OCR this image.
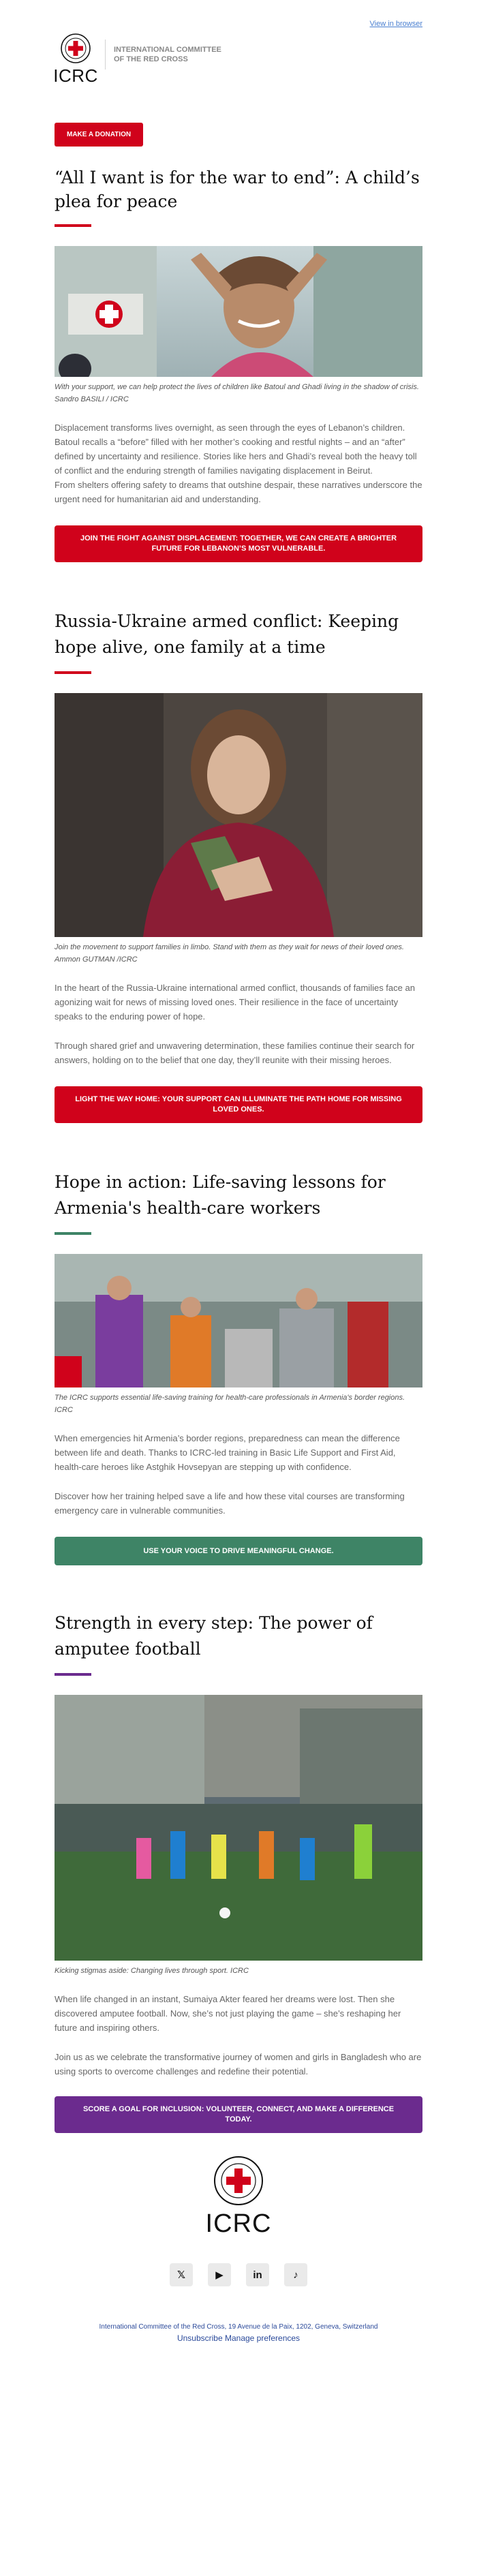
View in browser
ICRC
INTERNATIONAL COMMITTEE
OF THE RED CROSS
MAKE A DONATION
“All I want is for the war to end”: A child’s plea for peace
With your support, we can help protect the lives of children like Batoul and Ghadi living in the shadow of crisis. Sandro BASILI / ICRC
Displacement transforms lives overnight, as seen through the eyes of Lebanon’s children. Batoul recalls a “before” filled with her mother’s cooking and restful nights – and an “after” defined by uncertainty and resilience. Stories like hers and Ghadi’s reveal both the heavy toll of conflict and the enduring strength of families navigating displacement in Beirut.
From shelters offering safety to dreams that outshine despair, these narratives underscore the urgent need for humanitarian aid and understanding.
JOIN THE FIGHT AGAINST DISPLACEMENT: TOGETHER, WE CAN CREATE A BRIGHTER FUTURE FOR LEBANON’S MOST VULNERABLE.
Russia-Ukraine armed conflict: Keeping hope alive, one family at a time
Join the movement to support families in limbo. Stand with them as they wait for news of their loved ones. Ammon GUTMAN /ICRC
In the heart of the Russia-Ukraine international armed conflict, thousands of families face an agonizing wait for news of missing loved ones. Their resilience in the face of uncertainty speaks to the enduring power of hope.
Through shared grief and unwavering determination, these families continue their search for answers, holding on to the belief that one day, they’ll reunite with their missing heroes.
LIGHT THE WAY HOME: YOUR SUPPORT CAN ILLUMINATE THE PATH HOME FOR MISSING LOVED ONES.
Hope in action: Life-saving lessons for Armenia's health-care workers
The ICRC supports essential life-saving training for health-care professionals in Armenia's border regions. ICRC
When emergencies hit Armenia’s border regions, preparedness can mean the difference between life and death. Thanks to ICRC-led training in Basic Life Support and First Aid, health-care heroes like Astghik Hovsepyan are stepping up with confidence.
Discover how her training helped save a life and how these vital courses are transforming emergency care in vulnerable communities.
USE YOUR VOICE TO DRIVE MEANINGFUL CHANGE.
Strength in every step: The power of amputee football
Kicking stigmas aside: Changing lives through sport. ICRC
When life changed in an instant, Sumaiya Akter feared her dreams were lost. Then she discovered amputee football. Now, she’s not just playing the game – she’s reshaping her future and inspiring others.
Join us as we celebrate the transformative journey of women and girls in Bangladesh who are using sports to overcome challenges and redefine their potential.
SCORE A GOAL FOR INCLUSION: VOLUNTEER, CONNECT, AND MAKE A DIFFERENCE TODAY.
ICRC
𝕏	▶	in	♪
International Committee of the Red Cross, 19 Avenue de la Paix, 1202, Geneva, Switzerland
Unsubscribe Manage preferences
